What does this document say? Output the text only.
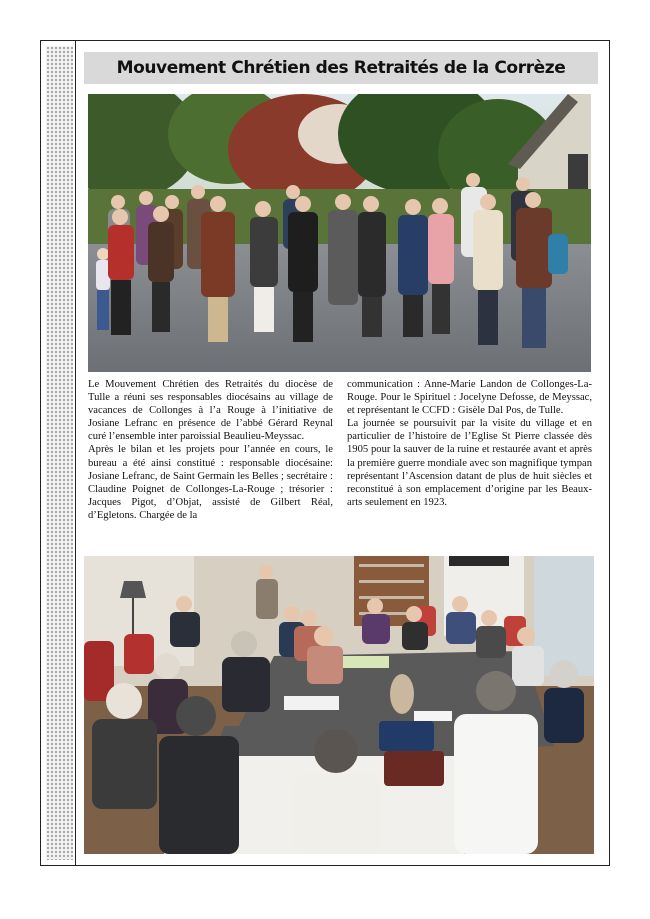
Mouvement Chrétien des Retraités de la Corrèze

Le Mouvement Chrétien des Retraités du diocèse de Tulle a réuni ses responsables diocésains au village de vacances de Collonges à l’a Rouge à l’initiative de Josiane Lefranc en présence de l’abbé Gérard Reynal curé l’ensemble inter paroissial Beaulieu-Meyssac.

Après le bilan et les projets pour l’année en cours, le bureau a été ainsi constitué : responsable diocésaine: Josiane Lefranc, de Saint Germain les Belles ; secrétaire : Claudine Poignet de Collonges-La-Rouge ; trésorier : Jacques Pigot, d’Objat, assisté de Gilbert Réal, d’Egletons. Chargée de la

communication : Anne-Marie Landon de Collonges-La-Rouge. Pour le Spirituel : Jocelyne Defosse, de Meyssac, et représentant le CCFD : Gisèle Dal Pos, de Tulle.

La journée se poursuivit par la visite du village et en particulier de l’histoire de l’Eglise St Pierre classée dès 1905 pour la sauver de la ruine et restaurée avant et après la première guerre mondiale avec son magnifique tympan représentant l’Ascension datant de plus de huit siècles et reconstitué à son emplacement d’origine par les Beaux-arts seulement en 1923.
